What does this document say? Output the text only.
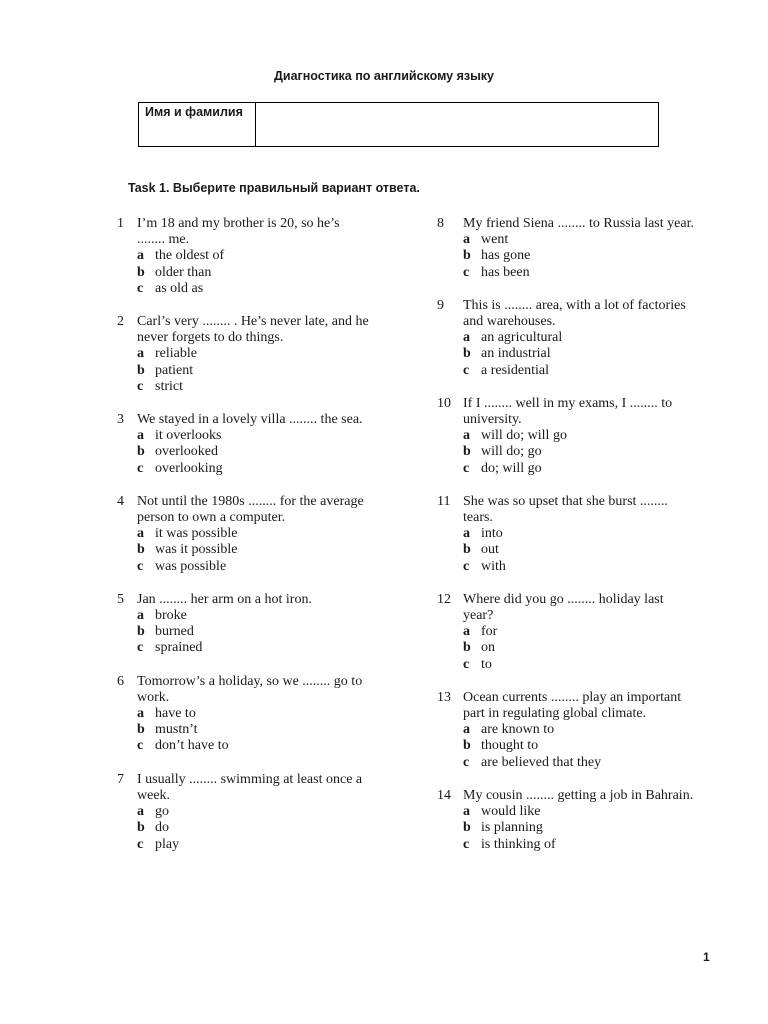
Диагностика по английскому языку
Имя и фамилия
Task 1. Выберите правильный вариант ответа.
1 I’m 18 and my brother is 20, so he’s
........ me.
a the oldest of
b older than
c as old as
2 Carl’s very ........ . He’s never late, and he
never forgets to do things.
a reliable
b patient
c strict
3 We stayed in a lovely villa ........ the sea.
a it overlooks
b overlooked
c overlooking
4 Not until the 1980s ........ for the average
person to own a computer.
a it was possible
b was it possible
c was possible
5 Jan ........ her arm on a hot iron.
a broke
b burned
c sprained
6 Tomorrow’s a holiday, so we ........ go to
work.
a have to
b mustn’t
c don’t have to
7 I usually ........ swimming at least once a
week.
a go
b do
c play
8	My friend Siena ........ to Russia last year.
a went
b has gone
c has been
9	This is ........ area, with a lot of factories
and warehouses.
a an agricultural
b an industrial
c a residential
10 If I ........ well in my exams, I ........ to
university.
a will do; will go
b will do; go
c do; will go
11 She was so upset that she burst ........
tears.
a into
b out
c with
12 Where did you go ........ holiday last
year?
a for
b on
c to
13 Ocean currents ........ play an important
part in regulating global climate.
a are known to
b thought to
c are believed that they
14 My cousin ........ getting a job in Bahrain.
a would like
b is planning
c is thinking of
1
